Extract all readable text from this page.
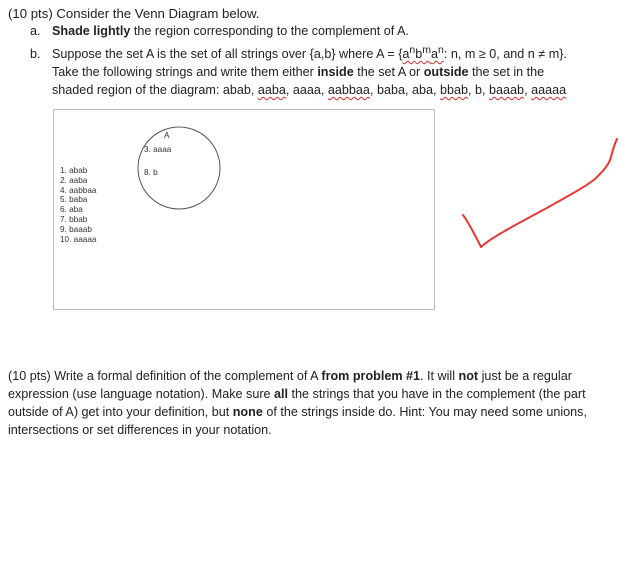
(10 pts) Consider the Venn Diagram below.
a. Shade lightly the region corresponding to the complement of A.
b. Suppose the set A is the set of all strings over {a,b} where $A = \{a^nb^ma^n$: n, m ≥ 0, and n ≠ m}.
Take the following strings and write them either inside the set A or outside the set in the
shaded region of the diagram: abab, aaba, aaaa, aabbaa, baba, aba, bbab, b, baaab, aaaaa
A
3. aaaa
8. b
1. abab
2. aaba
4. aabbaa
5. baba
6. aba
7. bbab
9. baaab
10. aaaaa
(10 pts) Write a formal definition of the complement of A from problem #1. It will not just be a regular expression (use language notation). Make sure all the strings that you have in the complement (the part outside of A) get into your definition, but none of the strings inside do. Hint: You may need some unions, intersections or set differences in your notation.
